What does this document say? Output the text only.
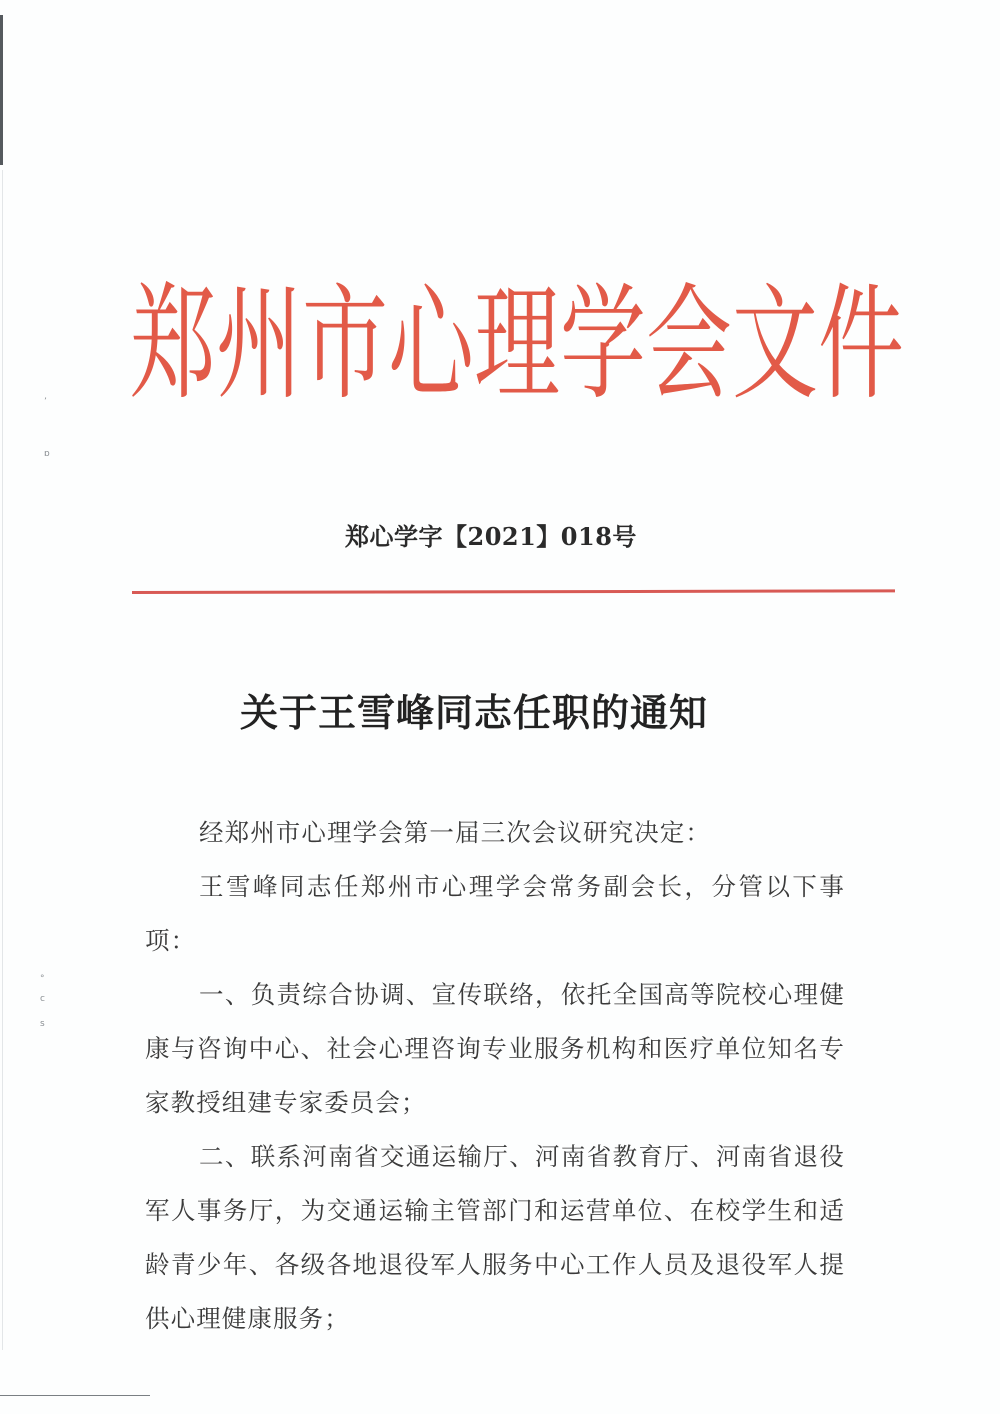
ʼ
ɒ
°
c
s
郑 州 市 心 理 学 会 文 件
郑心学字【2021】018号
关于王雪峰同志任职的通知

经郑州市心理学会第一届三次会议研究决定：

王雪峰同志任郑州市心理学会常务副会长，分管以下事项：

一、负责综合协调、宣传联络，依托全国高等院校心理健康与咨询中心、社会心理咨询专业服务机构和医疗单位知名专家教授组建专家委员会；

二、联系河南省交通运输厅、河南省教育厅、河南省退役军人事务厅，为交通运输主管部门和运营单位、在校学生和适龄青少年、各级各地退役军人服务中心工作人员及退役军人提供心理健康服务；
